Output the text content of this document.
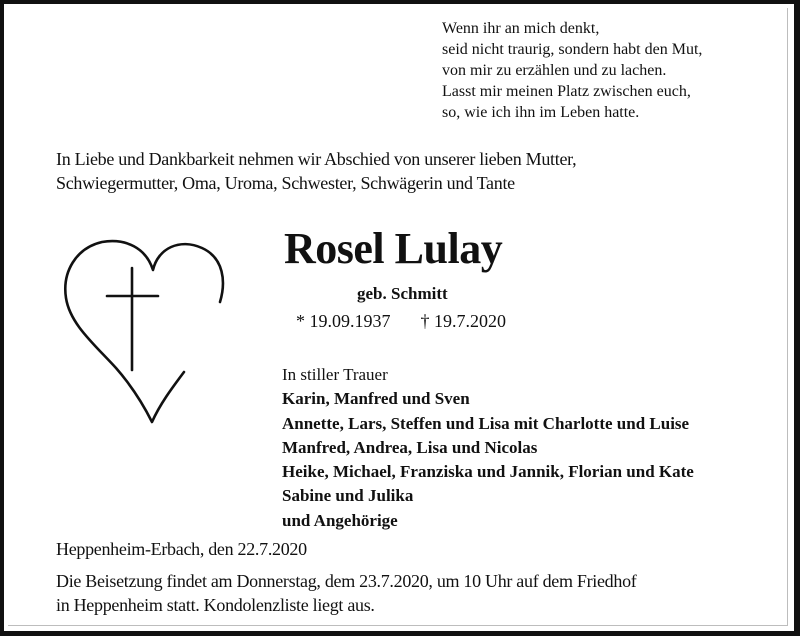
Wenn ihr an mich denkt,
seid nicht traurig, sondern habt den Mut,
von mir zu erzählen und zu lachen.
Lasst mir meinen Platz zwischen euch,
so, wie ich ihn im Leben hatte.
In Liebe und Dankbarkeit nehmen wir Abschied von unserer lieben Mutter,
Schwiegermutter, Oma, Uroma, Schwester, Schwägerin und Tante
Rosel Lulay
geb. Schmitt
* 19.09.1937 † 19.7.2020
In stiller Trauer
Karin, Manfred und Sven
Annette, Lars, Steffen und Lisa mit Charlotte und Luise
Manfred, Andrea, Lisa und Nicolas
Heike, Michael, Franziska und Jannik, Florian und Kate
Sabine und Julika
und Angehörige
Heppenheim-Erbach, den 22.7.2020
Die Beisetzung findet am Donnerstag, dem 23.7.2020, um 10 Uhr auf dem Friedhof
in Heppenheim statt. Kondolenzliste liegt aus.
